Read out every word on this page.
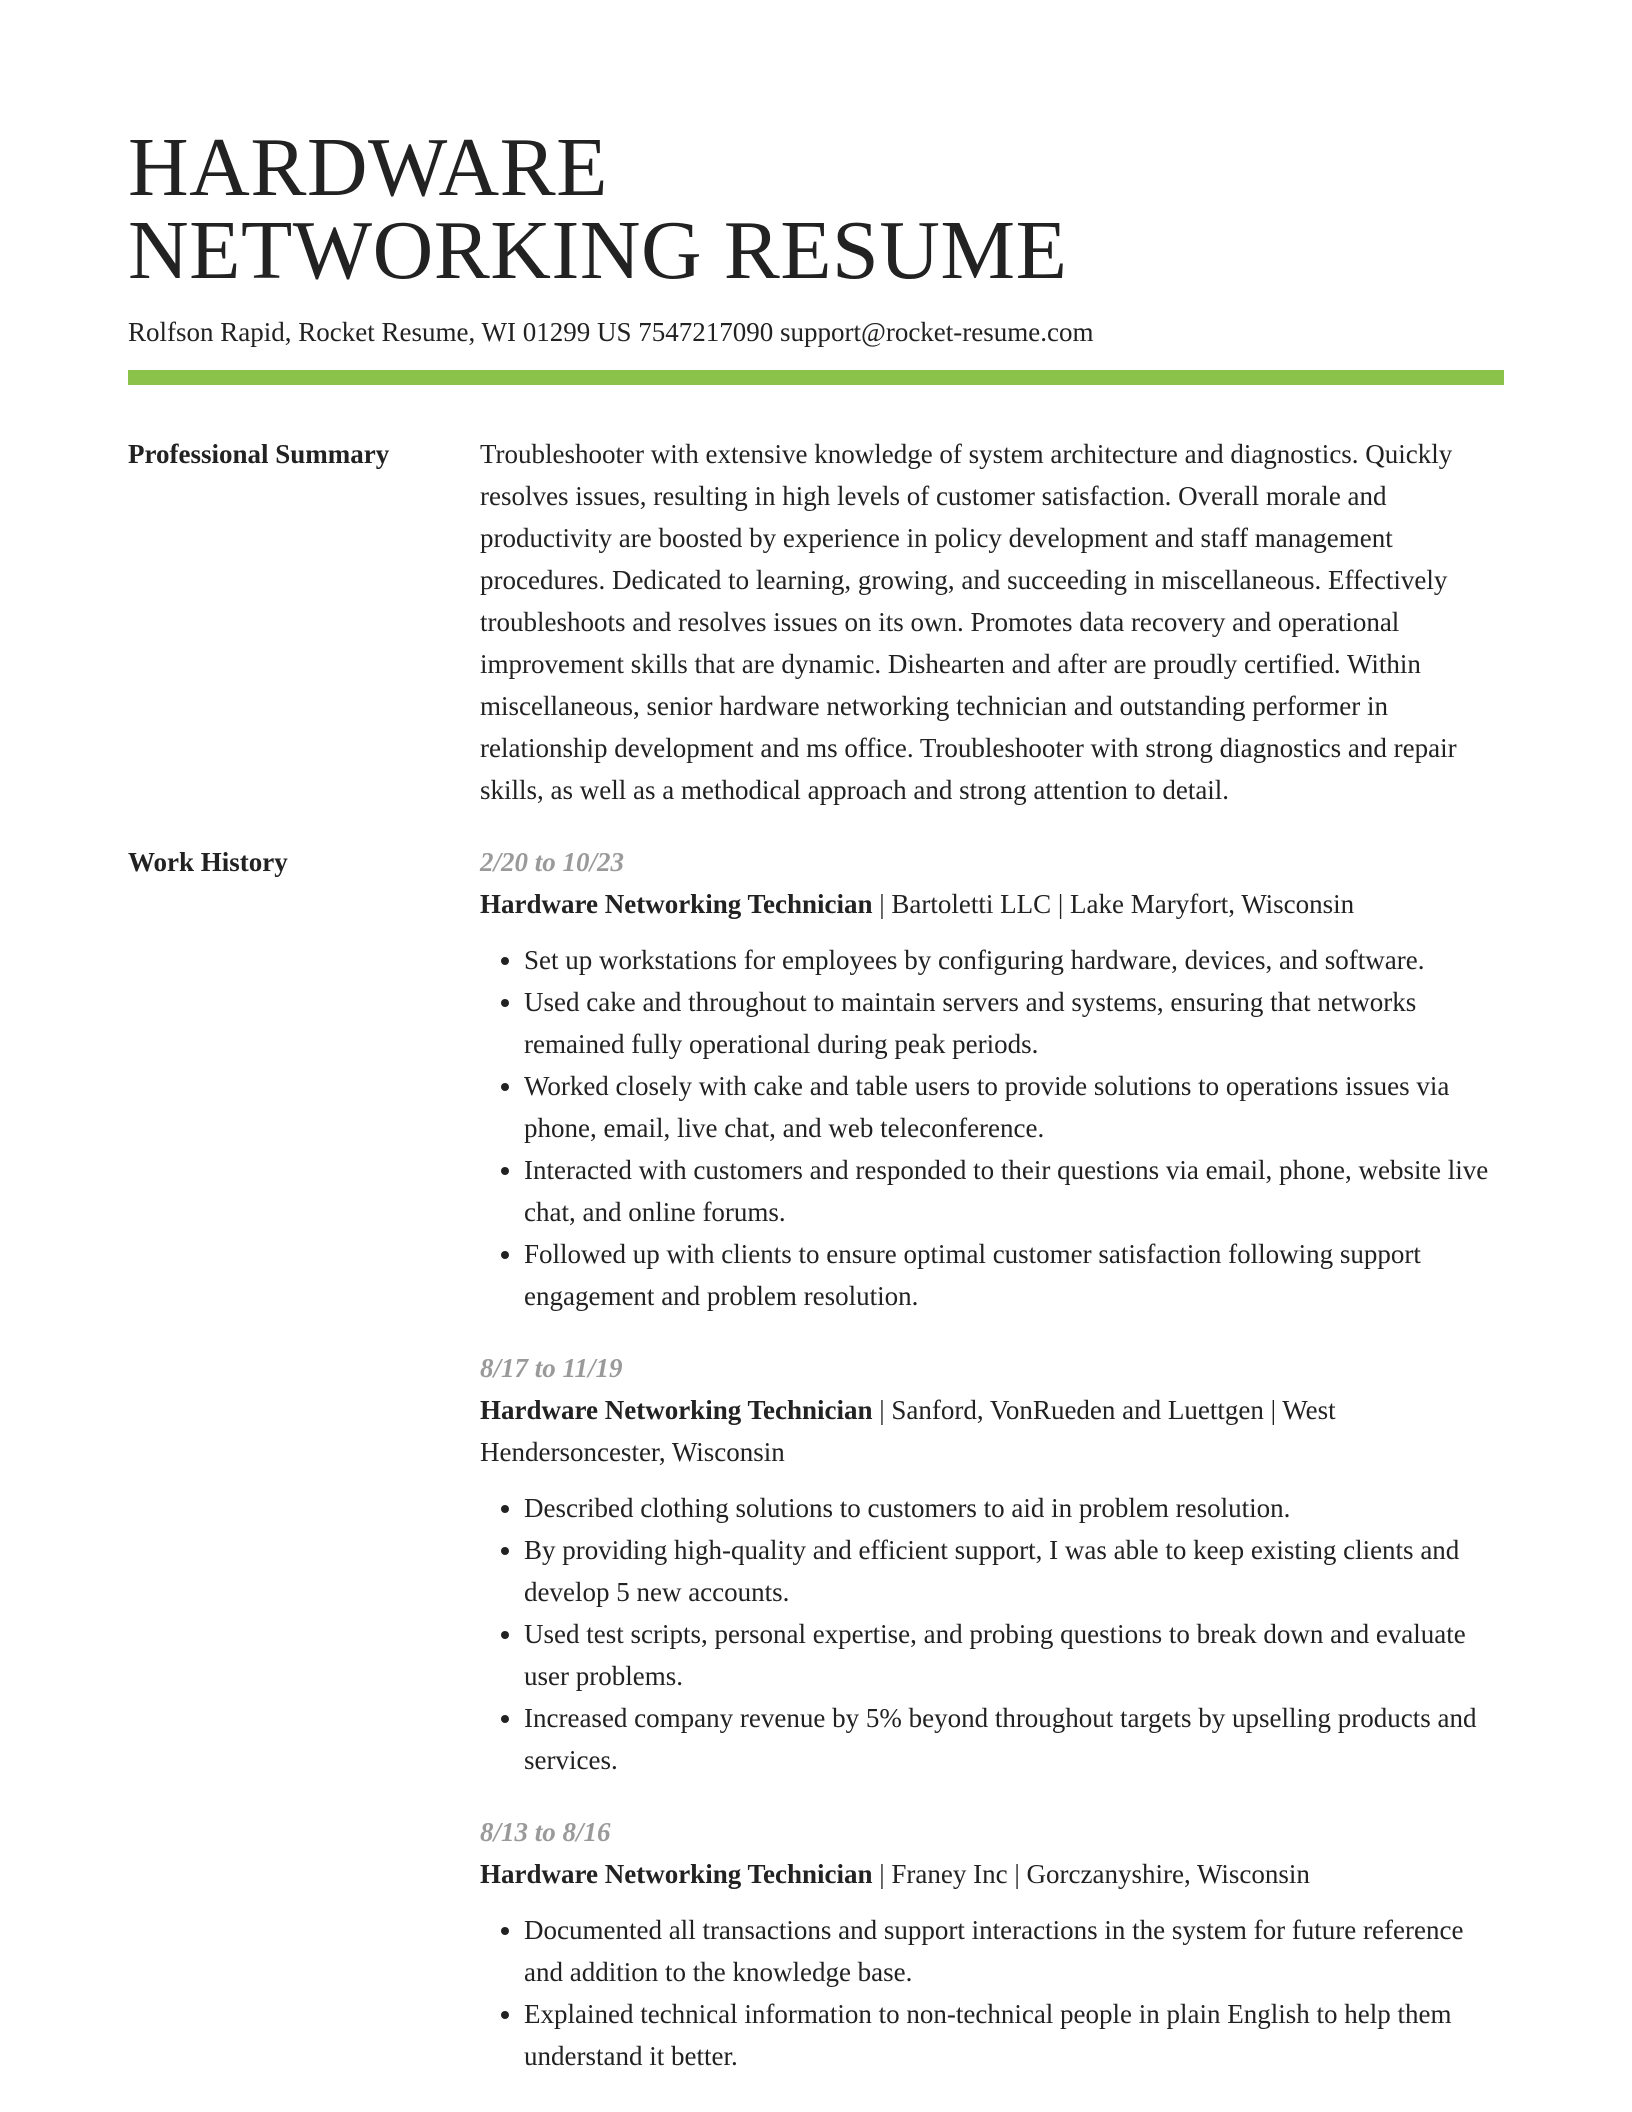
HARDWARE
NETWORKING RESUME
Rolfson Rapid, Rocket Resume, WI 01299 US 7547217090 support@rocket-resume.com
Professional Summary	Troubleshooter with extensive knowledge of system architecture and diagnostics. Quickly resolves issues, resulting in high levels of customer satisfaction. Overall morale and productivity are boosted by experience in policy development and staff management procedures. Dedicated to learning, growing, and succeeding in miscellaneous. Effectively troubleshoots and resolves issues on its own. Promotes data recovery and operational improvement skills that are dynamic. Dishearten and after are proudly certified. Within miscellaneous, senior hardware networking technician and outstanding performer in relationship development and ms office. Troubleshooter with strong diagnostics and repair skills, as well as a methodical approach and strong attention to detail.
Work History	2/20 to 10/23
Hardware Networking Technician | Bartoletti LLC | Lake Maryfort, Wisconsin
• Set up workstations for employees by configuring hardware, devices, and software.
• Used cake and throughout to maintain servers and systems, ensuring that networks remained fully operational during peak periods.
• Worked closely with cake and table users to provide solutions to operations issues via phone, email, live chat, and web teleconference.
• Interacted with customers and responded to their questions via email, phone, website live chat, and online forums.
• Followed up with clients to ensure optimal customer satisfaction following support engagement and problem resolution.
8/17 to 11/19
Hardware Networking Technician | Sanford, VonRueden and Luettgen | West Hendersoncester, Wisconsin
• Described clothing solutions to customers to aid in problem resolution.
• By providing high-quality and efficient support, I was able to keep existing clients and develop 5 new accounts.
• Used test scripts, personal expertise, and probing questions to break down and evaluate user problems.
• Increased company revenue by 5% beyond throughout targets by upselling products and services.
8/13 to 8/16
Hardware Networking Technician | Franey Inc | Gorczanyshire, Wisconsin
• Documented all transactions and support interactions in the system for future reference and addition to the knowledge base.
• Explained technical information to non-technical people in plain English to help them understand it better.
